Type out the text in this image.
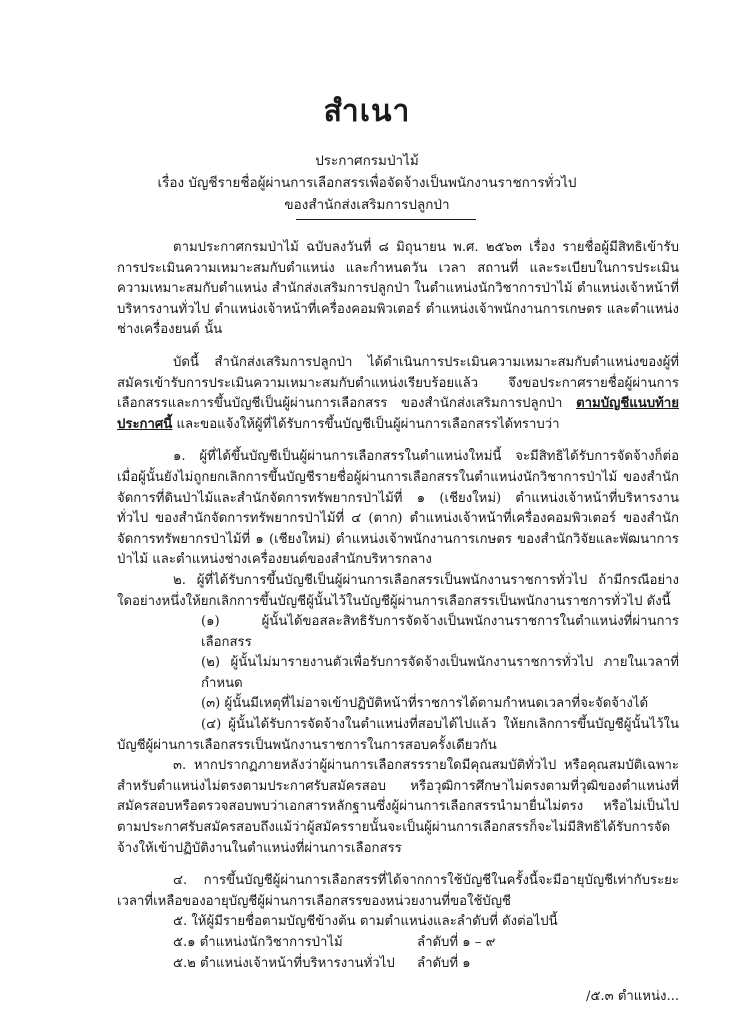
สำเนา
ประกาศกรมป่าไม้
เรื่อง บัญชีรายชื่อผู้ผ่านการเลือกสรรเพื่อจัดจ้างเป็นพนักงานราชการทั่วไป
ของสำนักส่งเสริมการปลูกป่า

ตามประกาศกรมป่าไม้ ฉบับลงวันที่ ๘ มิถุนายน พ.ศ. ๒๕๖๓ เรื่อง รายชื่อผู้มีสิทธิเข้ารับการประเมินความเหมาะสมกับตำแหน่ง และกำหนดวัน เวลา สถานที่ และระเบียบในการประเมินความเหมาะสมกับตำแหน่ง สำนักส่งเสริมการปลูกป่า ในตำแหน่งนักวิชาการป่าไม้ ตำแหน่งเจ้าหน้าที่บริหารงานทั่วไป ตำแหน่งเจ้าหน้าที่เครื่องคอมพิวเตอร์ ตำแหน่งเจ้าพนักงานการเกษตร และตำแหน่งช่างเครื่องยนต์ นั้น

บัดนี้ สำนักส่งเสริมการปลูกป่า ได้ดำเนินการประเมินความเหมาะสมกับตำแหน่งของผู้ที่สมัครเข้ารับการประเมินความเหมาะสมกับตำแหน่งเรียบร้อยแล้ว จึงขอประกาศรายชื่อผู้ผ่านการเลือกสรรและการขึ้นบัญชีเป็นผู้ผ่านการเลือกสรร ของสำนักส่งเสริมการปลูกป่า ตามบัญชีแนบท้ายประกาศนี้ และขอแจ้งให้ผู้ที่ได้รับการขึ้นบัญชีเป็นผู้ผ่านการเลือกสรรได้ทราบว่า

๑. ผู้ที่ได้ขึ้นบัญชีเป็นผู้ผ่านการเลือกสรรในตำแหน่งใหม่นี้ จะมีสิทธิได้รับการจัดจ้างก็ต่อเมื่อผู้นั้นยังไม่ถูกยกเลิกการขึ้นบัญชีรายชื่อผู้ผ่านการเลือกสรรในตำแหน่งนักวิชาการป่าไม้ ของสำนักจัดการที่ดินป่าไม้และสำนักจัดการทรัพยากรป่าไม้ที่ ๑ (เชียงใหม่) ตำแหน่งเจ้าหน้าที่บริหารงานทั่วไป ของสำนักจัดการทรัพยากรป่าไม้ที่ ๔ (ตาก) ตำแหน่งเจ้าหน้าที่เครื่องคอมพิวเตอร์ ของสำนักจัดการทรัพยากรป่าไม้ที่ ๑ (เชียงใหม่) ตำแหน่งเจ้าพนักงานการเกษตร ของสำนักวิจัยและพัฒนาการป่าไม้ และตำแหน่งช่างเครื่องยนต์ของสำนักบริหารกลาง

๒. ผู้ที่ได้รับการขึ้นบัญชีเป็นผู้ผ่านการเลือกสรรเป็นพนักงานราชการทั่วไป ถ้ามีกรณีอย่างใดอย่างหนึ่งให้ยกเลิกการขึ้นบัญชีผู้นั้นไว้ในบัญชีผู้ผ่านการเลือกสรรเป็นพนักงานราชการทั่วไป ดังนี้

(๑) ผู้นั้นได้ขอสละสิทธิรับการจัดจ้างเป็นพนักงานราชการในตำแหน่งที่ผ่านการเลือกสรร

(๒) ผู้นั้นไม่มารายงานตัวเพื่อรับการจัดจ้างเป็นพนักงานราชการทั่วไป ภายในเวลาที่กำหนด

(๓) ผู้นั้นมีเหตุที่ไม่อาจเข้าปฏิบัติหน้าที่ราชการได้ตามกำหนดเวลาที่จะจัดจ้างได้

(๔) ผู้นั้นได้รับการจัดจ้างในตำแหน่งที่สอบได้ไปแล้ว ให้ยกเลิกการขึ้นบัญชีผู้นั้นไว้ในบัญชีผู้ผ่านการเลือกสรรเป็นพนักงานราชการในการสอบครั้งเดียวกัน

๓. หากปรากฏภายหลังว่าผู้ผ่านการเลือกสรรรายใดมีคุณสมบัติทั่วไป หรือคุณสมบัติเฉพาะสำหรับตำแหน่งไม่ตรงตามประกาศรับสมัครสอบ หรือวุฒิการศึกษาไม่ตรงตามที่วุฒิของตำแหน่งที่สมัครสอบหรือตรวจสอบพบว่าเอกสารหลักฐานซึ่งผู้ผ่านการเลือกสรรนำมายื่นไม่ตรง หรือไม่เป็นไปตามประกาศรับสมัครสอบถึงแม้ว่าผู้สมัครรายนั้นจะเป็นผู้ผ่านการเลือกสรรก็จะไม่มีสิทธิได้รับการจัดจ้างให้เข้าปฏิบัติงานในตำแหน่งที่ผ่านการเลือกสรร

๔. การขึ้นบัญชีผู้ผ่านการเลือกสรรที่ได้จากการใช้บัญชีในครั้งนี้จะมีอายุบัญชีเท่ากับระยะเวลาที่เหลือของอายุบัญชีผู้ผ่านการเลือกสรรของหน่วยงานที่ขอใช้บัญชี

๕. ให้ผู้มีรายชื่อตามบัญชีข้างต้น ตามตำแหน่งและลำดับที่ ดังต่อไปนี้

๕.๑ ตำแหน่งนักวิชาการป่าไม้	ลำดับที่ ๑ – ๙
๕.๒ ตำแหน่งเจ้าหน้าที่บริหารงานทั่วไป	ลำดับที่ ๑
/๕.๓ ตำแหน่ง...
